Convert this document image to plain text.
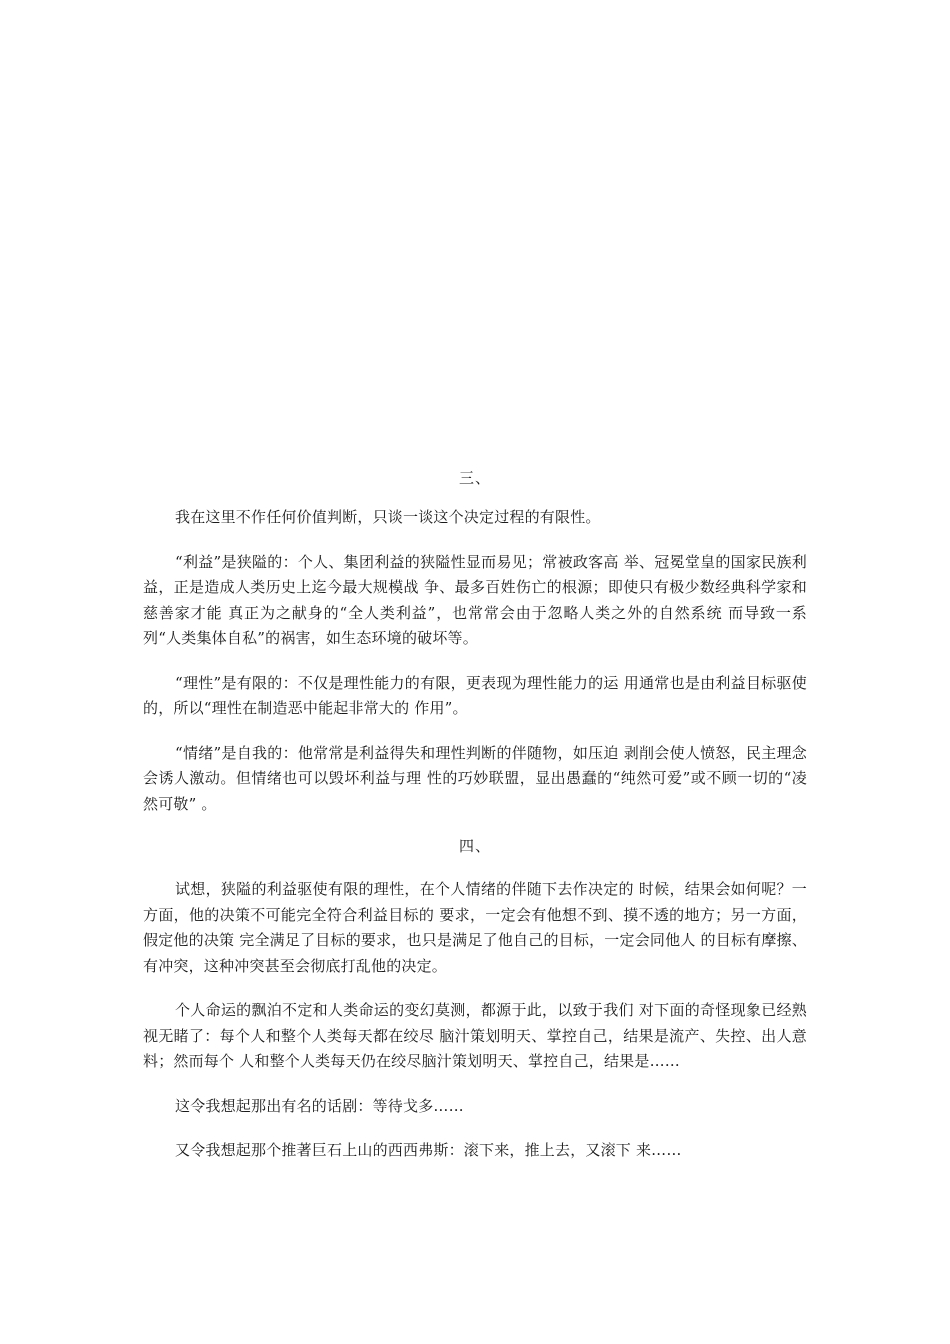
三、

我在这里不作任何价值判断，只谈一谈这个决定过程的有限性。

“利益”是狭隘的：个人、集团利益的狭隘性显而易见；常被政客高 举、冠冕堂皇的国家民族利益，正是造成人类历史上迄今最大规模战 争、最多百姓伤亡的根源；即使只有极少数经典科学家和慈善家才能 真正为之献身的“全人类利益”，也常常会由于忽略人类之外的自然系统 而导致一系列“人类集体自私”的祸害，如生态环境的破坏等。

“理性”是有限的：不仅是理性能力的有限，更表现为理性能力的运 用通常也是由利益目标驱使的，所以“理性在制造恶中能起非常大的 作用”。

“情绪”是自我的：他常常是利益得失和理性判断的伴随物，如压迫 剥削会使人愤怒，民主理念会诱人激动。但情绪也可以毁坏利益与理 性的巧妙联盟，显出愚蠢的“纯然可爱”或不顾一切的“凌然可敬” 。

四、

试想，狭隘的利益驱使有限的理性，在个人情绪的伴随下去作决定的 时候，结果会如何呢？一方面，他的决策不可能完全符合利益目标的 要求，一定会有他想不到、摸不透的地方；另一方面，假定他的决策 完全满足了目标的要求，也只是满足了他自己的目标，一定会同他人 的目标有摩擦、有冲突，这种冲突甚至会彻底打乱他的决定。

个人命运的飘泊不定和人类命运的变幻莫测，都源于此，以致于我们 对下面的奇怪现象已经熟视无睹了：每个人和整个人类每天都在绞尽 脑汁策划明天、掌控自己，结果是流产、失控、出人意料；然而每个 人和整个人类每天仍在绞尽脑汁策划明天、掌控自己，结果是……

这令我想起那出有名的话剧：等待戈多……

又令我想起那个推著巨石上山的西西弗斯：滚下来，推上去，又滚下 来……
